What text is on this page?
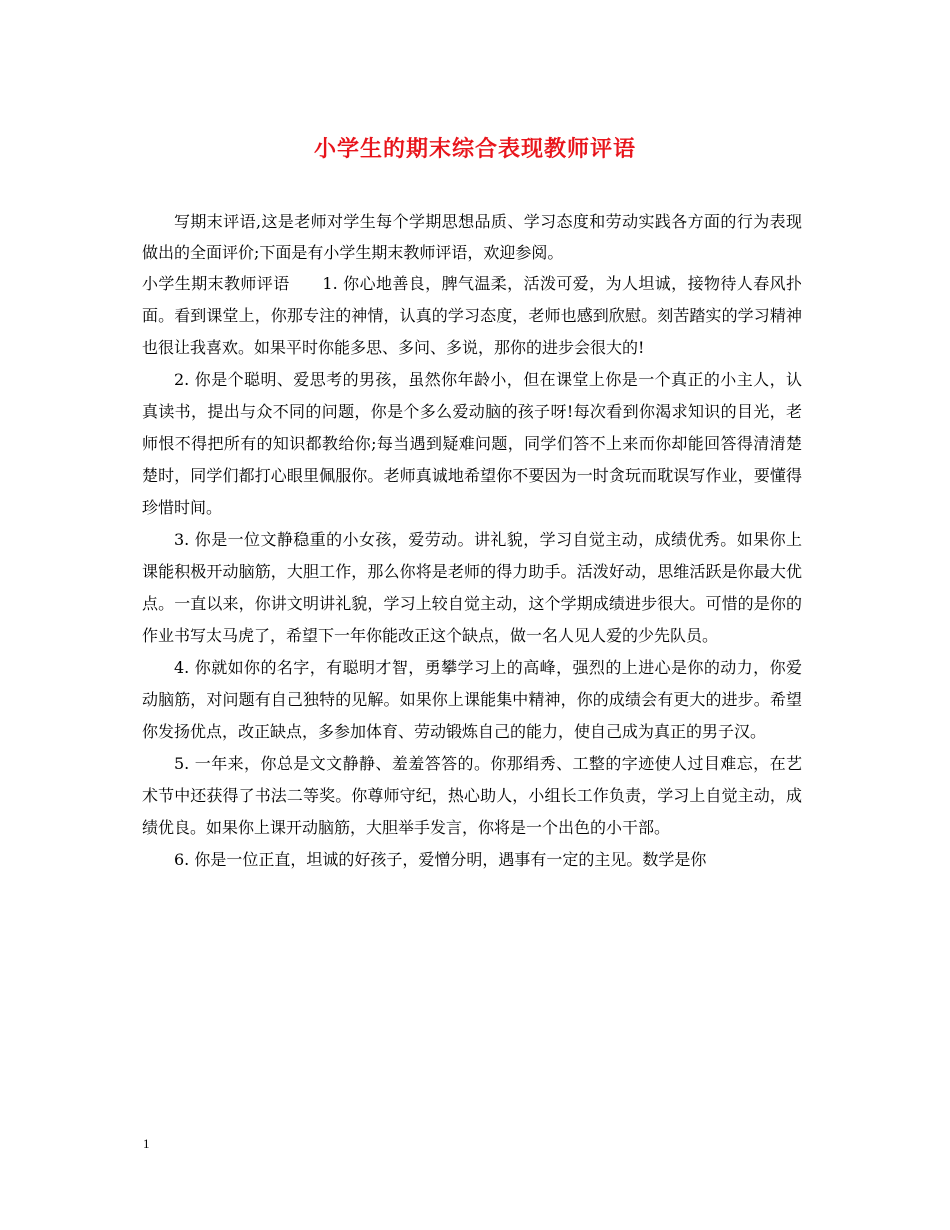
小学生的期末综合表现教师评语

写期末评语,这是老师对学生每个学期思想品质、学习态度和劳动实践各方面的行为表现做出的全面评价;下面是有小学生期末教师评语，欢迎参阅。

小学生期末教师评语　　1. 你心地善良，脾气温柔，活泼可爱，为人坦诚，接物待人春风扑面。看到课堂上，你那专注的神情，认真的学习态度，老师也感到欣慰。刻苦踏实的学习精神也很让我喜欢。如果平时你能多思、多问、多说，那你的进步会很大的!

2. 你是个聪明、爱思考的男孩，虽然你年龄小，但在课堂上你是一个真正的小主人，认真读书，提出与众不同的问题，你是个多么爱动脑的孩子呀!每次看到你渴求知识的目光，老师恨不得把所有的知识都教给你;每当遇到疑难问题，同学们答不上来而你却能回答得清清楚楚时，同学们都打心眼里佩服你。老师真诚地希望你不要因为一时贪玩而耽误写作业，要懂得珍惜时间。

3. 你是一位文静稳重的小女孩，爱劳动。讲礼貌，学习自觉主动，成绩优秀。如果你上课能积极开动脑筋，大胆工作，那么你将是老师的得力助手。活泼好动，思维活跃是你最大优点。一直以来，你讲文明讲礼貌，学习上较自觉主动，这个学期成绩进步很大。可惜的是你的作业书写太马虎了，希望下一年你能改正这个缺点，做一名人见人爱的少先队员。

4. 你就如你的名字，有聪明才智，勇攀学习上的高峰，强烈的上进心是你的动力，你爱动脑筋，对问题有自己独特的见解。如果你上课能集中精神，你的成绩会有更大的进步。希望你发扬优点，改正缺点，多参加体育、劳动锻炼自己的能力，使自己成为真正的男子汉。

5. 一年来，你总是文文静静、羞羞答答的。你那绢秀、工整的字迹使人过目难忘，在艺术节中还获得了书法二等奖。你尊师守纪，热心助人，小组长工作负责，学习上自觉主动，成绩优良。如果你上课开动脑筋，大胆举手发言，你将是一个出色的小干部。

6. 你是一位正直，坦诚的好孩子，爱憎分明，遇事有一定的主见。数学是你

1
